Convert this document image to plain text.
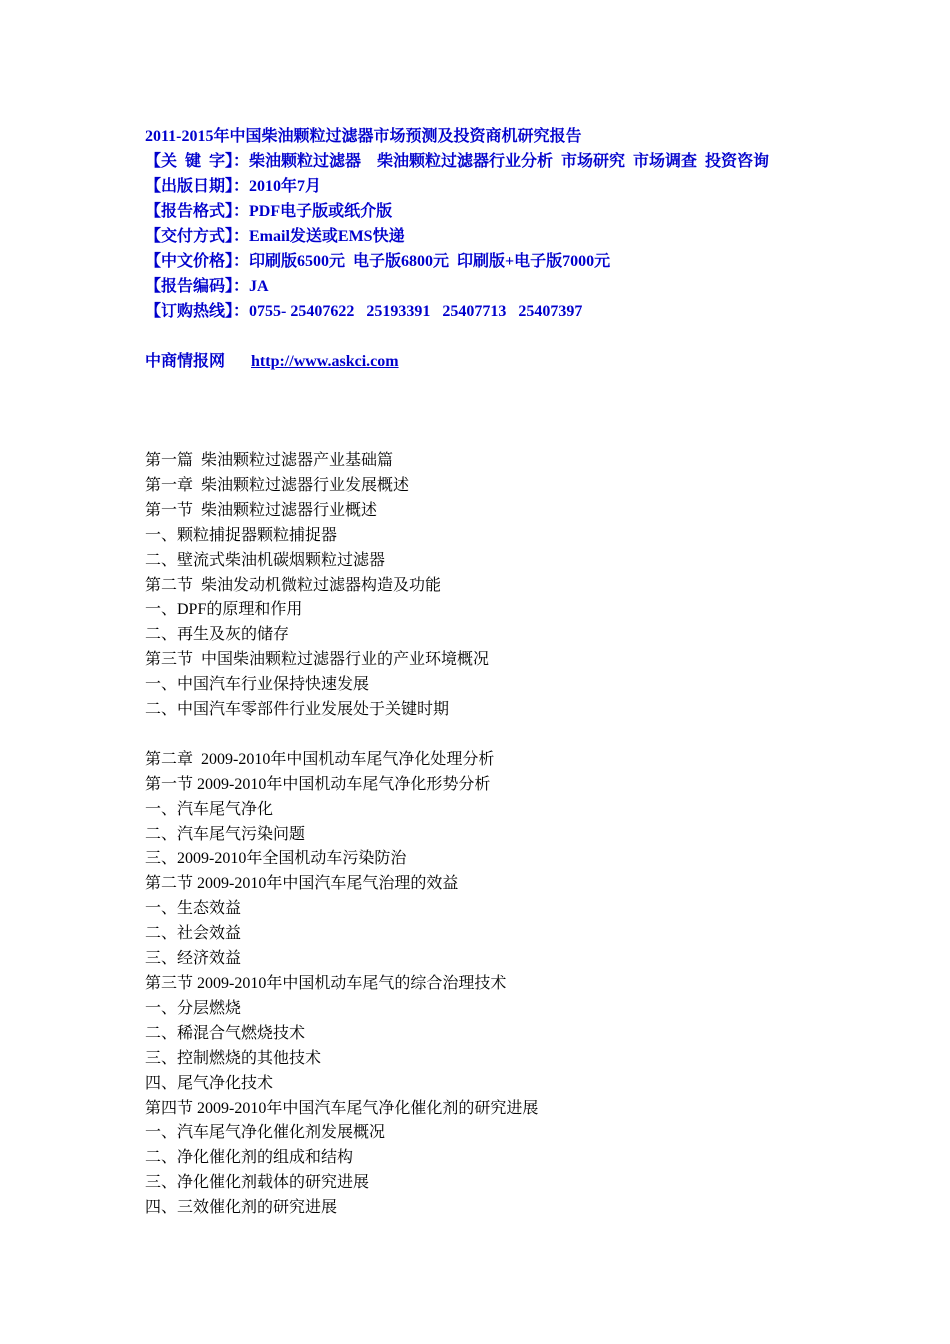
2011-2015年中国柴油颗粒过滤器市场预测及投资商机研究报告
【关  键  字】：柴油颗粒过滤器    柴油颗粒过滤器行业分析  市场研究  市场调查  投资咨询
【出版日期】：2010年7月
【报告格式】：PDF电子版或纸介版
【交付方式】：Email发送或EMS快递
【中文价格】：印刷版6500元  电子版6800元  印刷版+电子版7000元
【报告编码】：JA
【订购热线】：0755- 25407622   25193391   25407713   25407397
中商情报网 http://www.askci.com
第一篇  柴油颗粒过滤器产业基础篇
第一章  柴油颗粒过滤器行业发展概述
第一节  柴油颗粒过滤器行业概述
一、颗粒捕捉器颗粒捕捉器
二、壁流式柴油机碳烟颗粒过滤器
第二节  柴油发动机微粒过滤器构造及功能
一、DPF的原理和作用
二、再生及灰的储存
第三节  中国柴油颗粒过滤器行业的产业环境概况
一、中国汽车行业保持快速发展
二、中国汽车零部件行业发展处于关键时期
第二章  2009-2010年中国机动车尾气净化处理分析
第一节 2009-2010年中国机动车尾气净化形势分析
一、汽车尾气净化
二、汽车尾气污染问题
三、2009-2010年全国机动车污染防治
第二节 2009-2010年中国汽车尾气治理的效益
一、生态效益
二、社会效益
三、经济效益
第三节 2009-2010年中国机动车尾气的综合治理技术
一、分层燃烧
二、稀混合气燃烧技术
三、控制燃烧的其他技术
四、尾气净化技术
第四节 2009-2010年中国汽车尾气净化催化剂的研究进展
一、汽车尾气净化催化剂发展概况
二、净化催化剂的组成和结构
三、净化催化剂载体的研究进展
四、三效催化剂的研究进展
